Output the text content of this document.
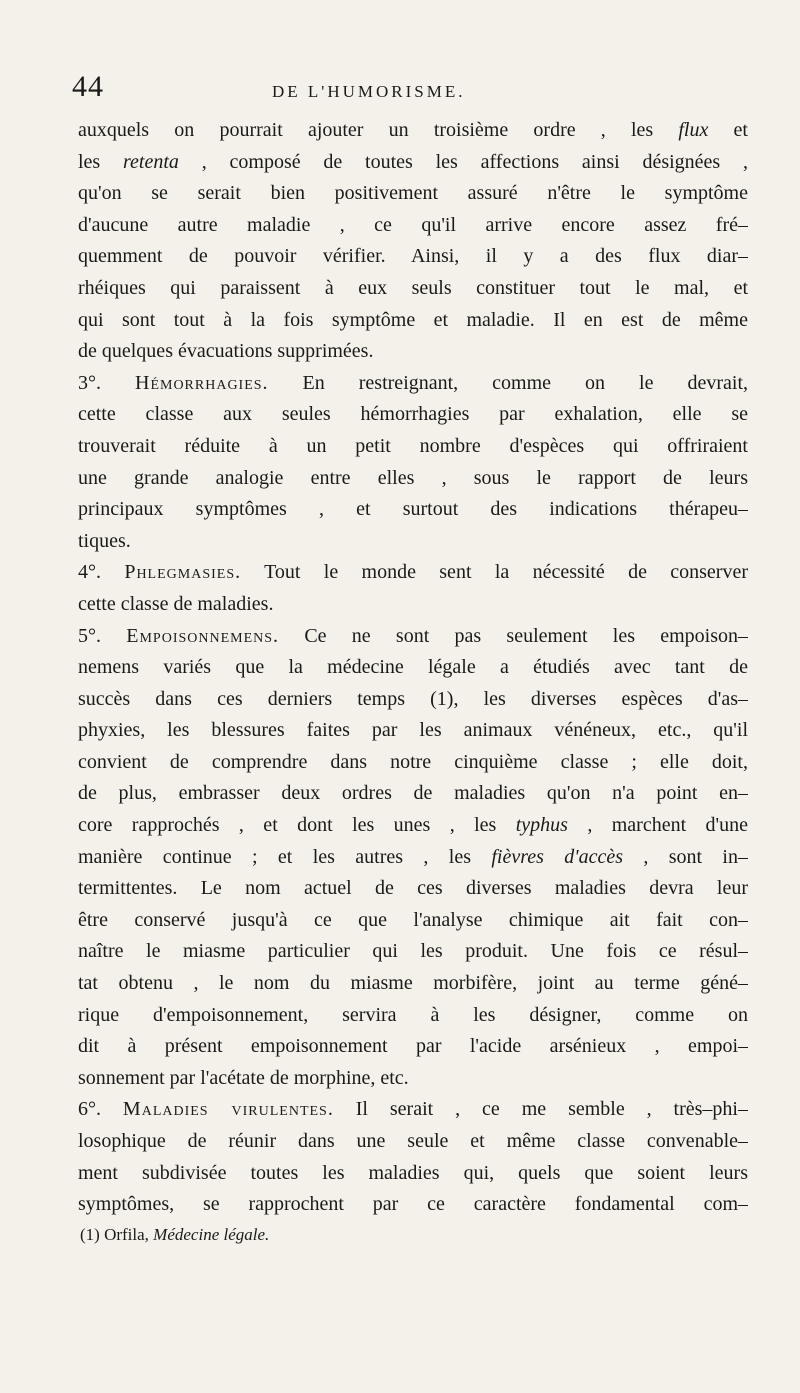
44	DE L'HUMORISME.
auxquels on pourrait ajouter un troisième ordre , les flux et
les retenta , composé de toutes les affections ainsi désignées ,
qu'on se serait bien positivement assuré n'être le symptôme
d'aucune autre maladie , ce qu'il arrive encore assez fré–
quemment de pouvoir vérifier. Ainsi, il y a des flux diar–
rhéiques qui paraissent à eux seuls constituer tout le mal, et
qui sont tout à la fois symptôme et maladie. Il en est de même
de quelques évacuations supprimées.
3°. Hémorrhagies. En restreignant, comme on le devrait,
cette classe aux seules hémorrhagies par exhalation, elle se
trouverait réduite à un petit nombre d'espèces qui offriraient
une grande analogie entre elles , sous le rapport de leurs
principaux symptômes , et surtout des indications thérapeu–
tiques.
4°. Phlegmasies. Tout le monde sent la nécessité de conserver
cette classe de maladies.
5°. Empoisonnemens. Ce ne sont pas seulement les empoison–
nemens variés que la médecine légale a étudiés avec tant de
succès dans ces derniers temps (1), les diverses espèces d'as–
phyxies, les blessures faites par les animaux vénéneux, etc., qu'il
convient de comprendre dans notre cinquième classe ; elle doit,
de plus, embrasser deux ordres de maladies qu'on n'a point en–
core rapprochés , et dont les unes , les typhus , marchent d'une
manière continue ; et les autres , les fièvres d'accès , sont in–
termittentes. Le nom actuel de ces diverses maladies devra leur
être conservé jusqu'à ce que l'analyse chimique ait fait con–
naître le miasme particulier qui les produit. Une fois ce résul–
tat obtenu , le nom du miasme morbifère, joint au terme géné–
rique d'empoisonnement, servira à les désigner, comme on
dit à présent empoisonnement par l'acide arsénieux , empoi–
sonnement par l'acétate de morphine, etc.
6°. Maladies virulentes. Il serait , ce me semble , très–phi–
losophique de réunir dans une seule et même classe convenable–
ment subdivisée toutes les maladies qui, quels que soient leurs
symptômes, se rapprochent par ce caractère fondamental com–
(1) Orfila, Médecine légale.
